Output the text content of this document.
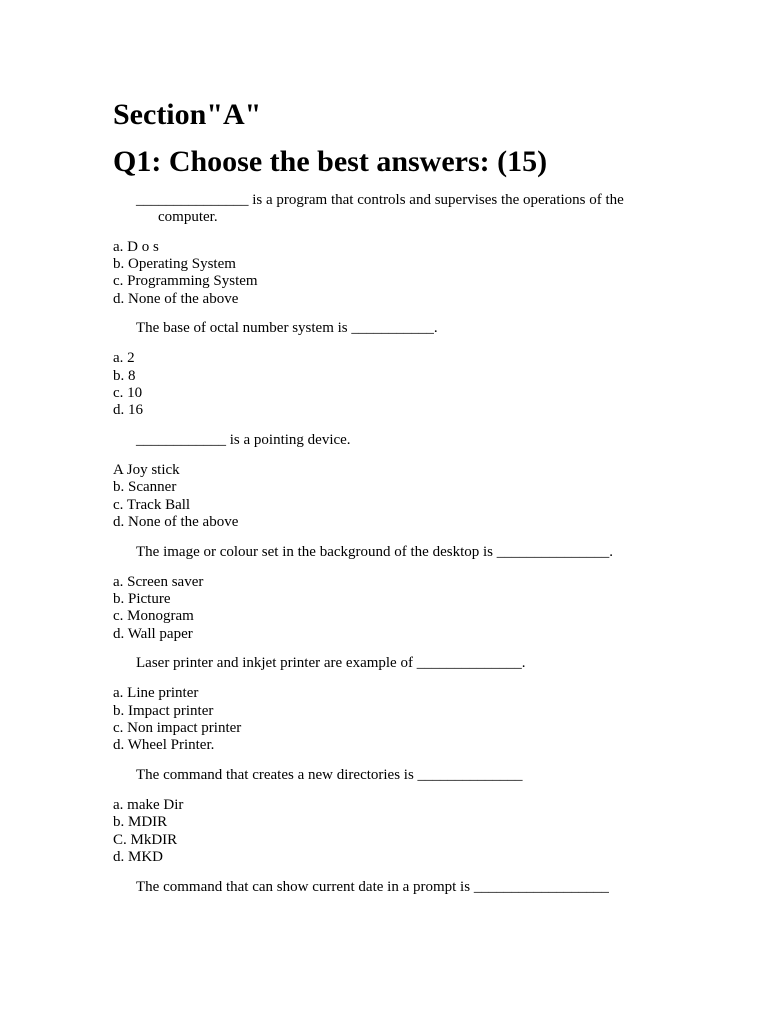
Section"A"
Q1: Choose the best answers: (15)

_______________ is a program that controls and supervises the operations of the computer.

a. D o s
b. Operating System
c. Programming System
d. None of the above

The base of octal number system is ___________.

a. 2
b. 8
c. 10
d. 16

____________ is a pointing device.

A Joy stick
b. Scanner
c. Track Ball
d. None of the above

The image or colour set in the background of the desktop is _______________.

a. Screen saver
b. Picture
c. Monogram
d. Wall paper

Laser printer and inkjet printer are example of ______________.

a. Line printer
b. Impact printer
c. Non impact printer
d. Wheel Printer.

The command that creates a new directories is ______________

a. make Dir
b. MDIR
C. MkDIR
d. MKD

The command that can show current date in a prompt is __________________
